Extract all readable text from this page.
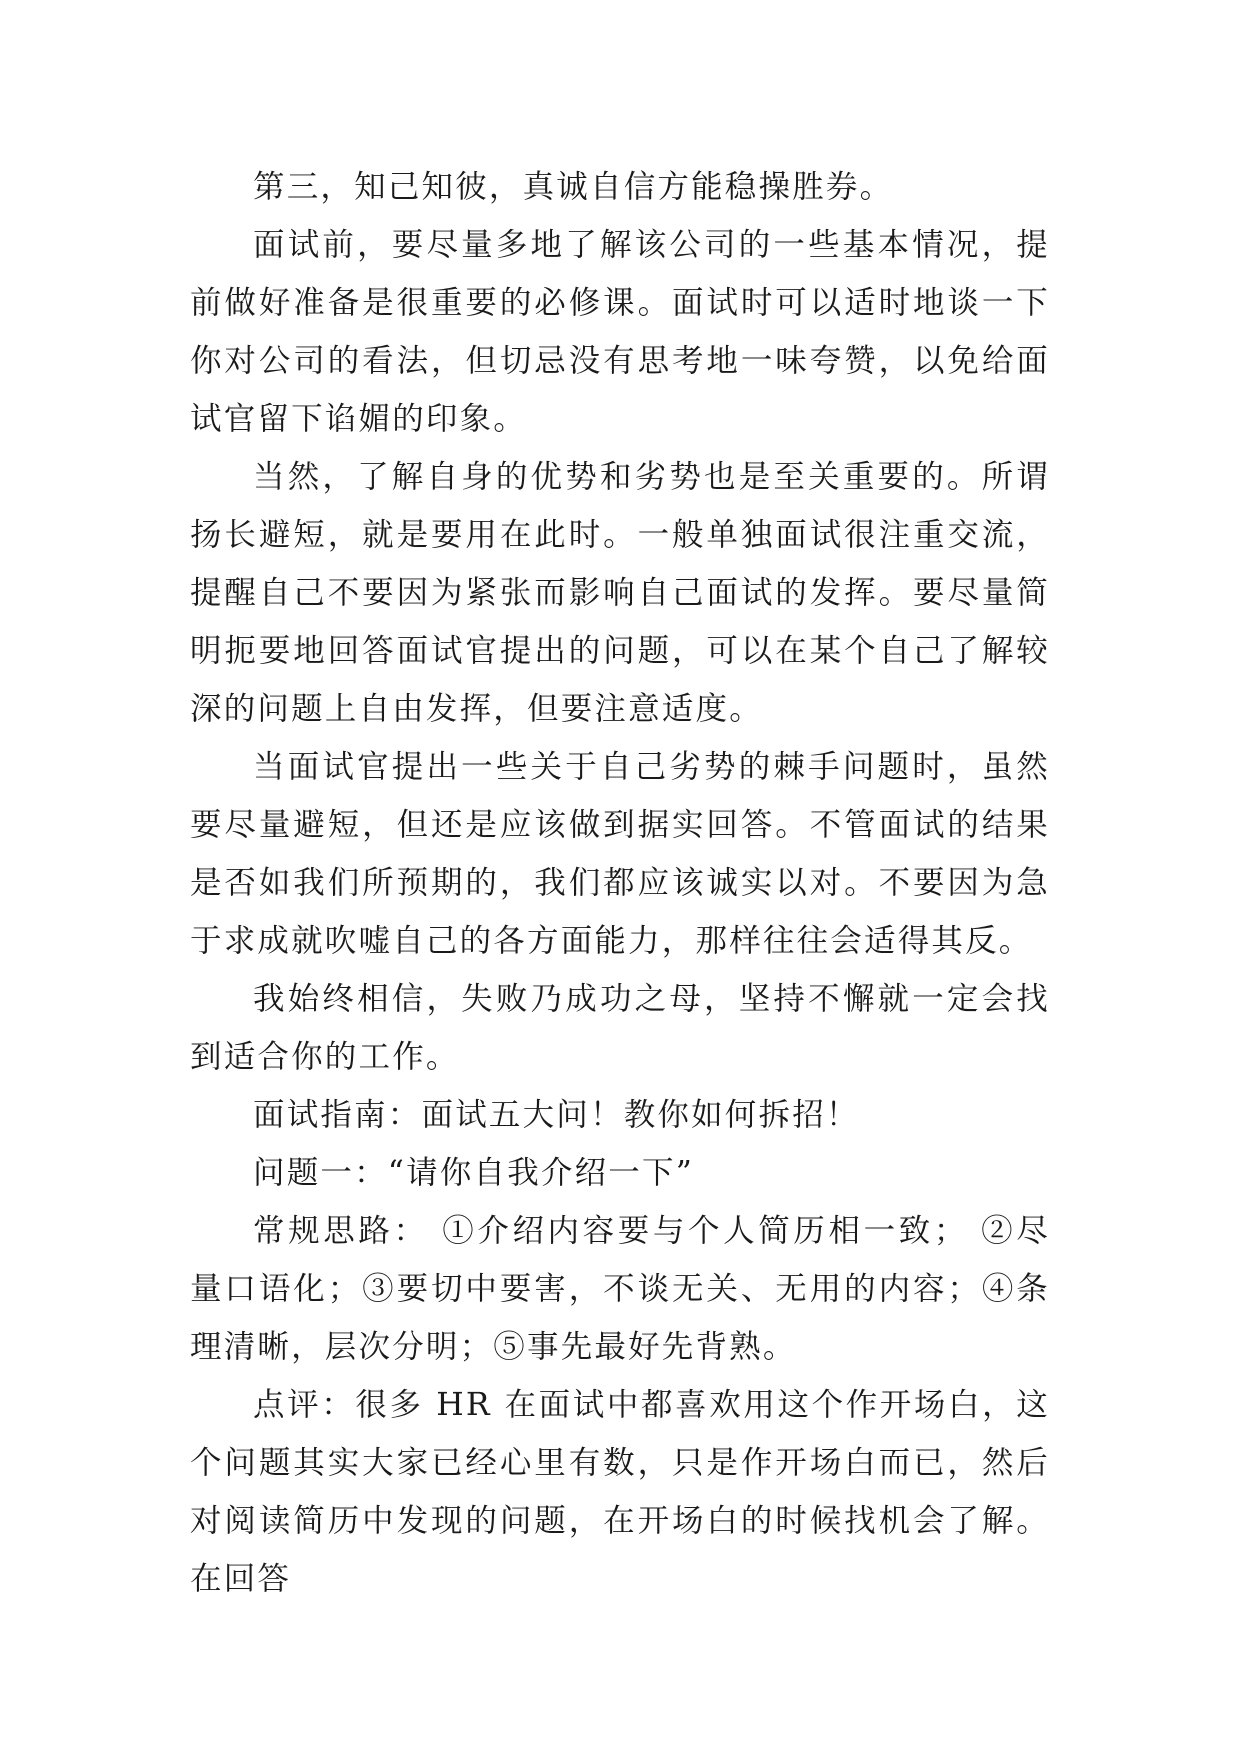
第三，知己知彼，真诚自信方能稳操胜券。

面试前，要尽量多地了解该公司的一些基本情况，提前做好准备是很重要的必修课。面试时可以适时地谈一下你对公司的看法，但切忌没有思考地一味夸赞，以免给面试官留下谄媚的印象。

当然，了解自身的优势和劣势也是至关重要的。所谓扬长避短，就是要用在此时。一般单独面试很注重交流，提醒自己不要因为紧张而影响自己面试的发挥。要尽量简明扼要地回答面试官提出的问题，可以在某个自己了解较深的问题上自由发挥，但要注意适度。

当面试官提出一些关于自己劣势的棘手问题时，虽然要尽量避短，但还是应该做到据实回答。不管面试的结果是否如我们所预期的，我们都应该诚实以对。不要因为急于求成就吹嘘自己的各方面能力，那样往往会适得其反。

我始终相信，失败乃成功之母，坚持不懈就一定会找到适合你的工作。

面试指南：面试五大问！教你如何拆招！

问题一：“请你自我介绍一下”

常规思路： ①介绍内容要与个人简历相一致； ②尽量口语化；③要切中要害，不谈无关、无用的内容；④条理清晰，层次分明；⑤事先最好先背熟。

点评：很多 HR 在面试中都喜欢用这个作开场白，这个问题其实大家已经心里有数，只是作开场白而已，然后对阅读简历中发现的问题，在开场白的时候找机会了解。在回答
